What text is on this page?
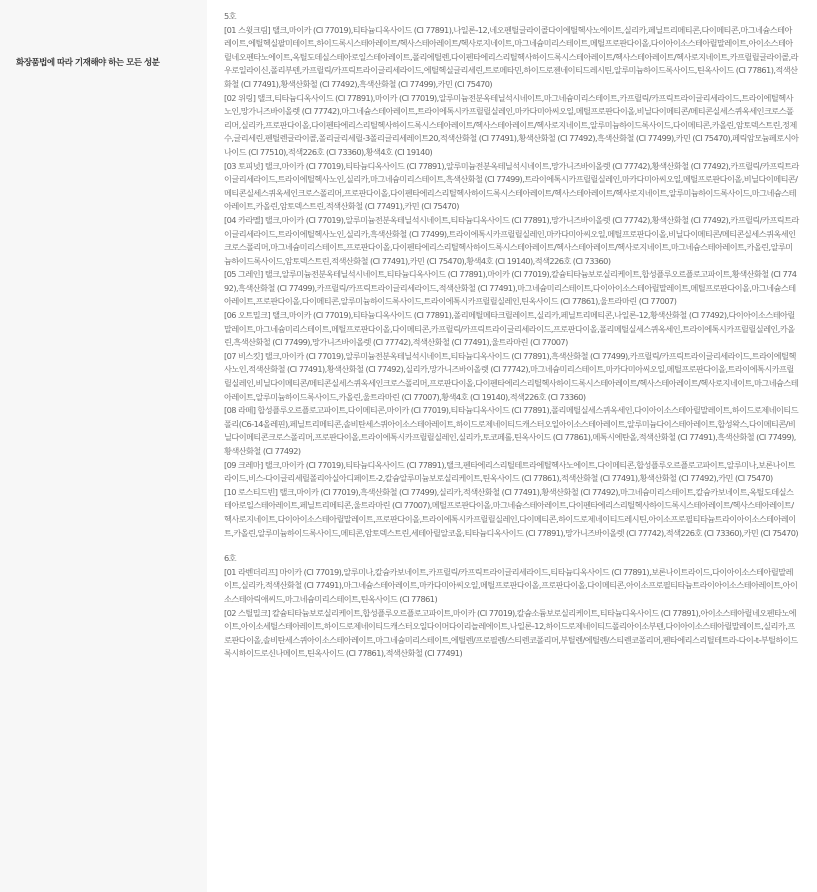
화장품법에 따라 기재해야 하는 모든 성분
5호
[01 스윗크림] 탤크,마이카 (CI 77019),티타늄디옥사이드 (CI 77891),나일론-12,네오펜틸글라이콜다이에틸헥사노에이트,실리카,페닐트리메티콘,다이메티콘,마그네슘스테아레이트,에틸헥실팔미테이트,하이드록시스테아레이트/헥사스테아레이트/헥사로지네이트,마그네슘미리스테이트,메틸프로판다이올,다이아이소스테아릴말레이트,아이소스테아릴네오펜타노에이트,옥틸도데실스테아로일스테아레이트,폴리에틸렌,다이펜타에리스리틸헥사하이드록시스테아레이트/헥사스테아레이트/헥사로지네이트,카프릴릴글라이콜,라우로일라이신,폴리부텐,카프릴릭/카프릭트라이글리세라이드,에틸헥실글리세린,트로메타민,하이드로젠네이티드레시틴,알루미늄하이드록사이드,틴옥사이드 (CI 77861),적색산화철 (CI 77491),황색산화철 (CI 77492),흑색산화철 (CI 77499),카민 (CI 75470)
[02 위링] 탤크,티타늄디옥사이드 (CI 77891),마이카 (CI 77019),알루미늄전분옥테닐석시네이트,마그네슘미리스테이트,카프릴릭/카프릭트라이글리세라이드,트라이에틸헥사노인,망가니즈바이올렛 (CI 77742),마그네슘스테아레이트,트라이에톡시카프릴릴실레인,마카다미아씨오일,메틸프로판다이올,비닐다이메티콘/메티콘실세스퀴옥세인크로스폴리머,실리카,프로판다이올,다이펜타에리스리틸헥사하이드록시스테아레이트/헥사스테아레이트/헥사로지네이트,알루미늄하이드록사이드,다이메티콘,카올린,암토덱스트린,정제수,글리세린,펜틸렌글라이콜,폴리글리세릴-3폴리글리세레이트20,적색산화철 (CI 77491),황색산화철 (CI 77492),흑색산화철 (CI 77499),카민 (CI 75470),페릭암모늄페로시아나이드 (CI 77510),적색226호 (CI 73360),황색4호 (CI 19140)
[03 토피넛] 탤크,마이카 (CI 77019),티타늄디옥사이드 (CI 77891),알루미늄전분옥테닐석시네이트,망가니즈바이올렛 (CI 77742),황색산화철 (CI 77492),카프릴릭/카프릭트라이글리세라이드,트라이에틸헥사노인,실리카,마그네슘미리스테이트,흑색산화철 (CI 77499),트라이에톡시카프릴릴실레인,마카다미아씨오일,메틸프로판다이올,비닐다이메티콘/메티콘실세스퀴옥세인크로스폴리머,프로판다이올,다이펜타에리스리틸헥사하이드록시스테아레이트/헥사스테아레이트/헥사로지네이트,알루미늄하이드록사이드,마그네슘스테아레이트,카올린,암토덱스트린,적색산화철 (CI 77491),카민 (CI 75470)
[04 카라멜] 탤크,마이카 (CI 77019),알루미늄전분옥테닐석시네이트,티타늄디옥사이드 (CI 77891),망가니즈바이올렛 (CI 77742),황색산화철 (CI 77492),카프릴릭/카프릭트라이글리세라이드,트라이에틸헥사노인,실리카,흑색산화철 (CI 77499),트라이에톡시카프릴릴실레인,마카다미아씨오일,메틸프로판다이올,비닐다이메티콘/메티콘실세스퀴옥세인크로스폴리머,마그네슘미리스테이트,프로판다이올,다이펜타에리스리틸헥사하이드록시스테아레이트/헥사스테아레이트/헥사로지네이트,마그네슘스테아레이트,카올린,알루미늄하이드록사이드,암토덱스트린,적색산화철 (CI 77491),카민 (CI 75470),황색4호 (CI 19140),적색226호 (CI 73360)
[05 그레인] 탤크,알루미늄전분옥테닐석시네이트,티타늄디옥사이드 (CI 77891),마이카 (CI 77019),칼슘티타늄보로실리케이트,합성플루오르플로고파이트,황색산화철 (CI 77492),흑색산화철 (CI 77499),카프릴릭/카프릭트라이글리세라이드,적색산화철 (CI 77491),마그네슘미리스테이트,다이아이소스테아릴말레이트,메틸프로판다이올,마그네슘스테아레이트,프로판다이올,다이메티콘,알루미늄하이드록사이드,트라이에톡시카프릴릴실레인,틴옥사이드 (CI 77861),울트라마린 (CI 77007)
[06 오트밀크] 탤크,마이카 (CI 77019),티타늄디옥사이드 (CI 77891),폴리메틸메타크릴레이트,실리카,페닐트리메티콘,나일론-12,황색산화철 (CI 77492),다이아이소스테아릴말레이트,마그네슘미리스테이트,메틸프로판다이올,다이메티콘,카프릴릭/카프릭트라이글리세라이드,프로판다이올,폴리메틸실세스퀴옥세인,트라이에톡시카프릴릴실레인,카올린,흑색산화철 (CI 77499),망가니즈바이올렛 (CI 77742),적색산화철 (CI 77491),울트라마린 (CI 77007)
[07 비스킷] 탤크,마이카 (CI 77019),알루미늄전분옥테닐석시네이트,티타늄디옥사이드 (CI 77891),흑색산화철 (CI 77499),카프릴릭/카프릭트라이글리세라이드,트라이에틸헥사노인,적색산화철 (CI 77491),황색산화철 (CI 77492),실리카,망가니즈바이올렛 (CI 77742),마그네슘미리스테이트,마카다미아씨오일,메틸프로판다이올,트라이에톡시카프릴릴실레인,비닐다이메티콘/메티콘실세스퀴옥세인크로스폴리머,프로판다이올,다이펜타에리스리틸헥사하이드록시스테아레이트/헥사스테아레이트/헥사로지네이트,마그네슘스테아레이트,알루미늄하이드록사이드,카올린,울트라마린 (CI 77007),황색4호 (CI 19140),적색226호 (CI 73360)
[08 라떼] 합성플루오르플로고파이트,다이메티콘,마이카 (CI 77019),티타늄디옥사이드 (CI 77891),폴리메틸실세스퀴옥세인,다이아이소스테아릴말레이트,하이드로제네이티드폴리(C6-14올레핀),페닐트리메티콘,솔비탄세스퀴아이소스테아레이트,하이드로제네이티드캐스터오일아이소스테아레이트,알루미늄다이스테아레이트,합성왁스,다이메티콘/비닐다이메티콘크로스폴리머,프로판다이올,트라이에톡시카프릴릴실레인,실리카,토코페롤,틴옥사이드 (CI 77861),메톡시에탄올,적색산화철 (CI 77491),흑색산화철 (CI 77499),황색산화철 (CI 77492)
[09 크레마] 탤크,마이카 (CI 77019),티타늄디옥사이드 (CI 77891),탤크,펜타에리스리틸테트라에틸헥사노에이트,다이메티콘,합성플루오르플로고파이트,알루미나,보론나이트라이드,비스-다이글리세릴폴리아실아디페이트-2,칼슘알루미늄보로실리케이트,틴옥사이드 (CI 77861),적색산화철 (CI 77491),황색산화철 (CI 77492),카민 (CI 75470)
[10 로스티드빈] 탤크,마이카 (CI 77019),흑색산화철 (CI 77499),실리카,적색산화철 (CI 77491),황색산화철 (CI 77492),마그네슘미리스테이트,칼슘카보네이트,옥틸도데실스테아로일스테아레이트,페닐트리메티콘,울트라마린 (CI 77007),메틸프로판다이올,마그네슘스테아레이트,다이펜타에리스리틸헥사하이드록시스테아레이트/헥사스테아레이트/헥사로지네이트,다이아이소스테아릴말레이트,프로판다이올,트라이에톡시카프릴릴실레인,다이메티콘,하이드로제네이티드레시틴,아이소프로필티타늄트라이아이소스테아레이트,카올린,알루미늄하이드록사이드,메티콘,암토덱스트린,세테아릴알코올,티타늄디옥사이드 (CI 77891),망가니즈바이올렛 (CI 77742),적색226호 (CI 73360),카민 (CI 75470)
6호
[01 라벤더리프] 마이카 (CI 77019),알루미나,칼슘카보네이트,카프릴릭/카프릭트라이글리세라이드,티타늄디옥사이드 (CI 77891),보론나이트라이드,다이아이소스테아릴말레이트,실리카,적색산화철 (CI 77491),마그네슘스테아레이트,마카다미아씨오일,메틸프로판다이올,프로판다이올,다이메티콘,아이소프로필티타늄트라이아이소스테아레이트,아이소스테아릭애씨드,마그네슘미리스테이트,틴옥사이드 (CI 77861)
[02 스틸밀크] 칼슘티타늄보로실리케이트,합성플루오르플로고파이트,마이카 (CI 77019),칼슘소듐보로실리케이트,티타늄디옥사이드 (CI 77891),아이소스테아릴네오펜타노에이트,아이소세틸스테아레이트,하이드로제네이티드캐스터오일다이머다이리놀레에이트,나일론-12,하이드로제네이티드폴리아이소부텐,다이아이소스테아릴말레이트,실리카,프로판다이올,솔비탄세스퀴아이소스테아레이트,마그네슘미리스테이트,에틸렌/프로필렌/스티렌코폴리머,부틸렌/에틸렌/스티렌코폴리머,펜타에리스리틸테트라-다이-t-부틸하이드록시하이드로신나메이트,틴옥사이드 (CI 77861),적색산화철 (CI 77491)
